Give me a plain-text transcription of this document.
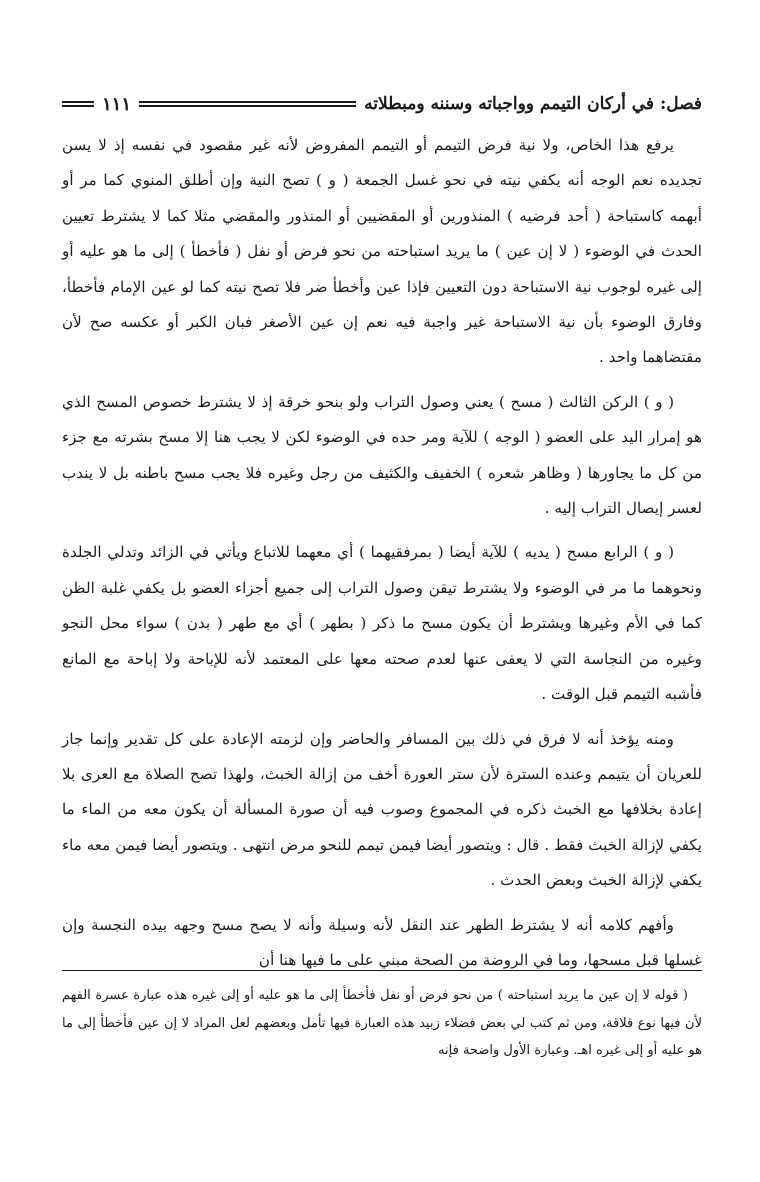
فصل: في أركان التيمم وواجباته وسننه ومبطلاته
١١١

يرفع هذا الخاص، ولا نية فرض التيمم أو التيمم المفروض لأنه غير مقصود في نفسه إذ لا يسن تجديده نعم الوجه أنه يكفي نيته في نحو غسل الجمعة ( و ) تصح النية وإن أطلق المنوي كما مر أو أبهمه كاستباحة ( أحد فرضيه ) المنذورين أو المقضيين أو المنذور والمقضي مثلا كما لا يشترط تعيين الحدث في الوضوء ( لا إن عين ) ما يريد استباحته من نحو فرض أو نفل ( فأخطأ ) إلى ما هو عليه أو إلى غيره لوجوب نية الاستباحة دون التعيين فإذا عين وأخطأ ضر فلا تصح نيته كما لو عين الإمام فأخطأ، وفارق الوضوء بأن نية الاستباحة غير واجبة فيه نعم إن عين الأصغر فبان الكبر أو عكسه صح لأن مقتضاهما واحد .

( و ) الركن الثالث ( مسح ) يعني وصول التراب ولو بنحو خرقة إذ لا يشترط خصوص المسح الذي هو إمرار اليد على العضو ( الوجه ) للآية ومر حده في الوضوء لكن لا يجب هنا إلا مسح بشرته مع جزء من كل ما يجاورها ( وظاهر شعره ) الخفيف والكثيف من رجل وغيره فلا يجب مسح باطنه بل لا يندب لعسر إيصال التراب إليه .

( و ) الرابع مسح ( يديه ) للآية أيضا ( بمرفقيهما ) أي معهما للاتباع ويأتي في الزائد وتدلي الجلدة ونحوهما ما مر في الوضوء ولا يشترط تيقن وصول التراب إلى جميع أجزاء العضو بل يكفي غلبة الظن كما في الأم وغيرها ويشترط أن يكون مسح ما ذكر ( بطهر ) أي مع طهر ( بدن ) سواء محل النجو وغيره من النجاسة التي لا يعفى عنها لعدم صحته معها على المعتمد لأنه للإباحة ولا إباحة مع المانع فأشبه التيمم قبل الوقت .

ومنه يؤخذ أنه لا فرق في ذلك بين المسافر والحاضر وإن لزمته الإعادة على كل تقدير وإنما جاز للعريان أن يتيمم وعنده السترة لأن ستر العورة أخف من إزالة الخبث، ولهذا تصح الصلاة مع العرى بلا إعادة بخلافها مع الخبث ذكره في المجموع وصوب فيه أن صورة المسألة أن يكون معه من الماء ما يكفي لإزالة الخبث فقط . قال : ويتصور أيضا فيمن تيمم للنحو مرض انتهى . ويتصور أيضا فيمن معه ماء يكفي لإزالة الخبث وبعض الحدث .

وأفهم كلامه أنه لا يشترط الطهر عند النقل لأنه وسيلة وأنه لا يصح مسح وجهه بيده النجسة وإن غسلها قبل مسحها، وما في الروضة من الصحة مبني على ما فيها هنا أن

( قوله لا إن عين ما يريد استباحته ) من نحو فرض أو نفل فأخطأ إلى ما هو عليه أو إلى غيره هذه عبارة عسرة الفهم لأن فيها نوع قلاقة، ومن ثم كتب لي بعض فضلاء زبيد هذه العبارة فيها تأمل وبعضهم لعل المراد لا إن عين فأخطأ إلى ما هو عليه أو إلى غيره اهـ. وعبارة الأول واضحة فإنه
